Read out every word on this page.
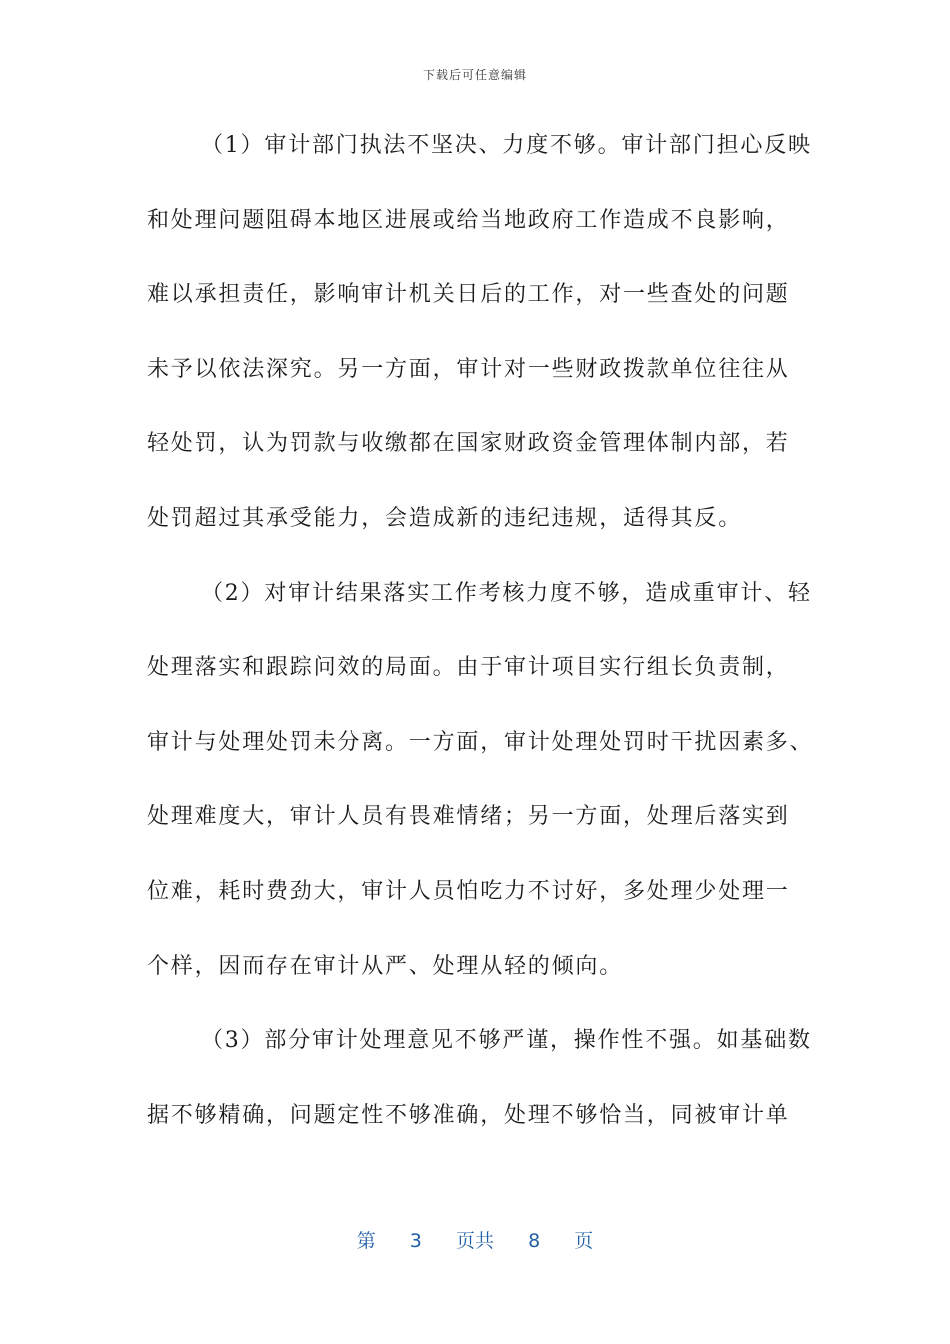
下载后可任意编辑
（1）审计部门执法不坚决、力度不够。审计部门担心反映
和处理问题阻碍本地区进展或给当地政府工作造成不良影响，
难以承担责任，影响审计机关日后的工作，对一些查处的问题
未予以依法深究。另一方面，审计对一些财政拨款单位往往从
轻处罚，认为罚款与收缴都在国家财政资金管理体制内部，若
处罚超过其承受能力，会造成新的违纪违规，适得其反。
（2）对审计结果落实工作考核力度不够，造成重审计、轻
处理落实和跟踪问效的局面。由于审计项目实行组长负责制，
审计与处理处罚未分离。一方面，审计处理处罚时干扰因素多、
处理难度大，审计人员有畏难情绪；另一方面，处理后落实到
位难，耗时费劲大，审计人员怕吃力不讨好，多处理少处理一
个样，因而存在审计从严、处理从轻的倾向。
（3）部分审计处理意见不够严谨，操作性不强。如基础数
据不够精确，问题定性不够准确，处理不够恰当，同被审计单
第 3 页共 8 页
